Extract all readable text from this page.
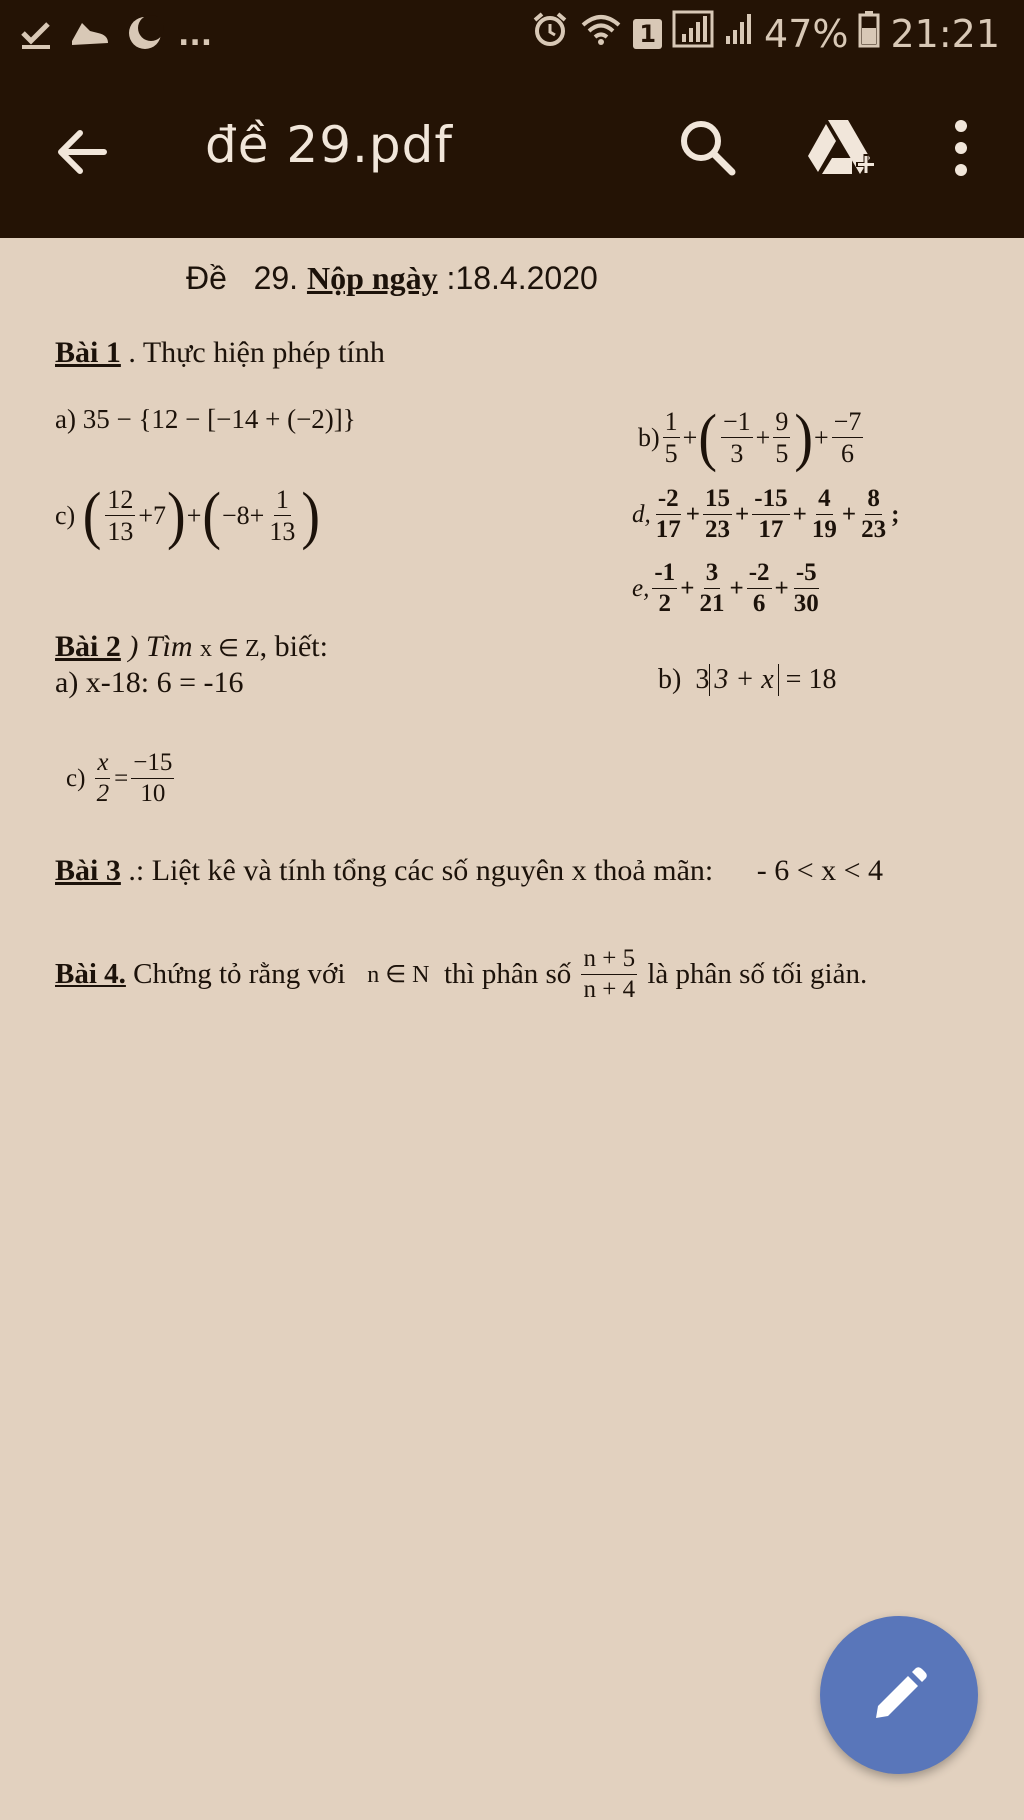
...	1	47% 21:21
đề 29.pdf
Đề 29. Nộp ngày :18.4.2020
Bài 1 . Thực hiện phép tính
a)
35 − {12 − [−14 + (−2)]}
$b) \frac{1}{5}$ + ( $\frac{-1}{3} + \frac{9}{5}$ ) + $\frac{-7}{6}$
c)
( $\frac{12}{13} +7$ ) + ( $-8+ \frac{1}{13}$ )	d, $\frac{-2}{17} + \frac{15}{23} + \frac{-15}{17} + \frac{4}{19} + \frac{8}{23}$ ;
e, $\frac{-1}{2} + \frac{3}{21} + \frac{-2}{6} + \frac{-5}{30}$
Bài 2 ) Tìm x ∈ Z, biết:
a) x-18: 6 = -16	b)
3 3 + x
= 18
c)
$\frac{x}{2} = \frac{-15}{10}$
Bài 3 .: Liệt kê và tính tổng các số nguyên x thoả mãn: - 6 < x < 4
Bài 4.
Chứng tỏ rằng với
n ∈ N
thì phân số
$\frac{n + 5}{n + 4}$
là phân số tối giản.
